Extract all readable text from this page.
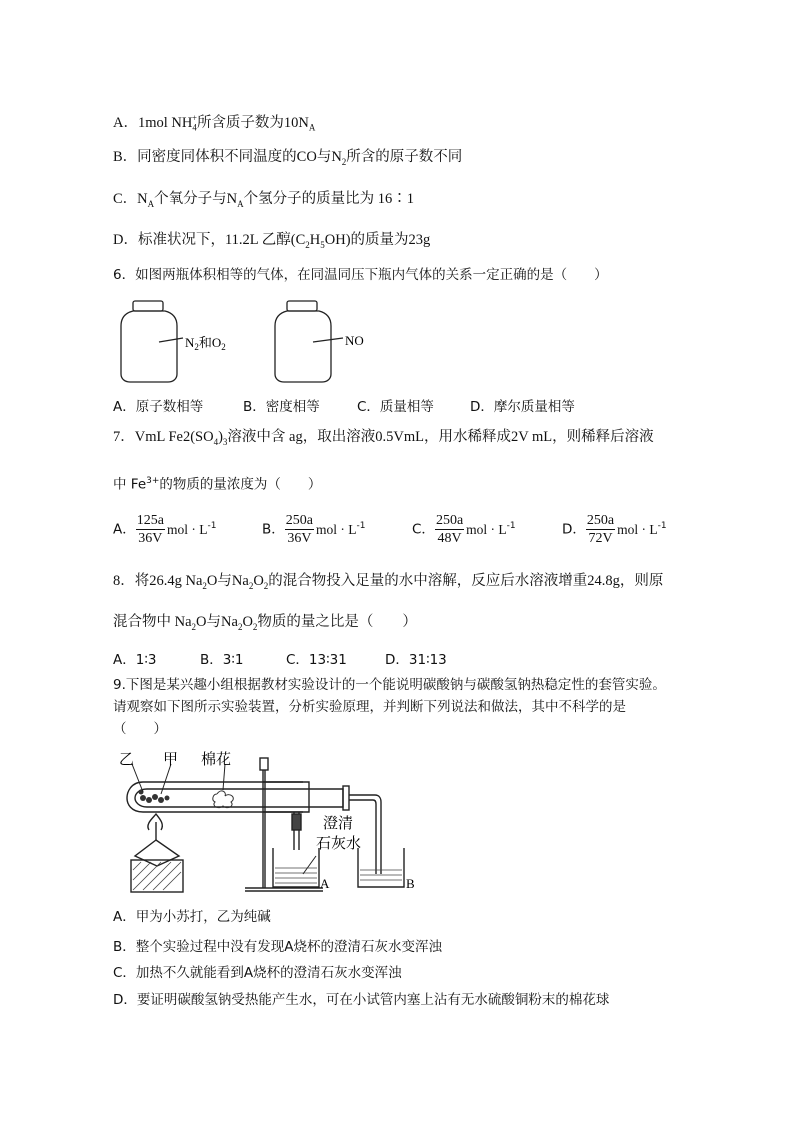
A．1mol $NH_4^+$所含质子数为$10N_A$
B．同密度同体积不同温度的CO与$N_2$所含的原子数不同
C．$N_A$个氧分子与$N_A$个氢分子的质量比为 16∶1
D．标准状况下，11.2L 乙醇$(C_2H_5OH)$的质量为23g
6．如图两瓶体积相等的气体，在同温同压下瓶内气体的关系一定正确的是（　　）
$N_2$和$O_2$	NO
A．原子数相等	B．密度相等	C．质量相等	D．摩尔质量相等
7．VmL $Fe2(SO_4)_3$溶液中含 ag，取出溶液0.5VmL，用水稀释成2V mL，则稀释后溶液
中 $Fe^{3+}$的物质的量浓度为（　　）
A． $\frac{125a}{36V}$ mol · $L^{-1}$	B． $\frac{250a}{36V}$ mol · $L^{-1}$	C． $\frac{250a}{48V}$ mol · $L^{-1}$	D． $\frac{250a}{72V}$ mol · $L^{-1}$
8．将26.4g $Na_2O$与$Na_2O_2$的混合物投入足量的水中溶解，反应后水溶液增重24.8g，则原
混合物中 $Na_2O$与$Na_2O_2$物质的量之比是（　　）
A．1∶3	B．3∶1	C．13∶31	D．31∶13
9.下图是某兴趣小组根据教材实验设计的一个能说明碳酸钠与碳酸氢钠热稳定性的套管实验。
请观察如下图所示实验装置，分析实验原理，并判断下列说法和做法，其中不科学的是
（　　）
乙 甲 棉花
澄清
石灰水
A	B
A．甲为小苏打，乙为纯碱
B．整个实验过程中没有发现A烧杯的澄清石灰水变浑浊
C．加热不久就能看到A烧杯的澄清石灰水变浑浊
D．要证明碳酸氢钠受热能产生水，可在小试管内塞上沾有无水硫酸铜粉末的棉花球
